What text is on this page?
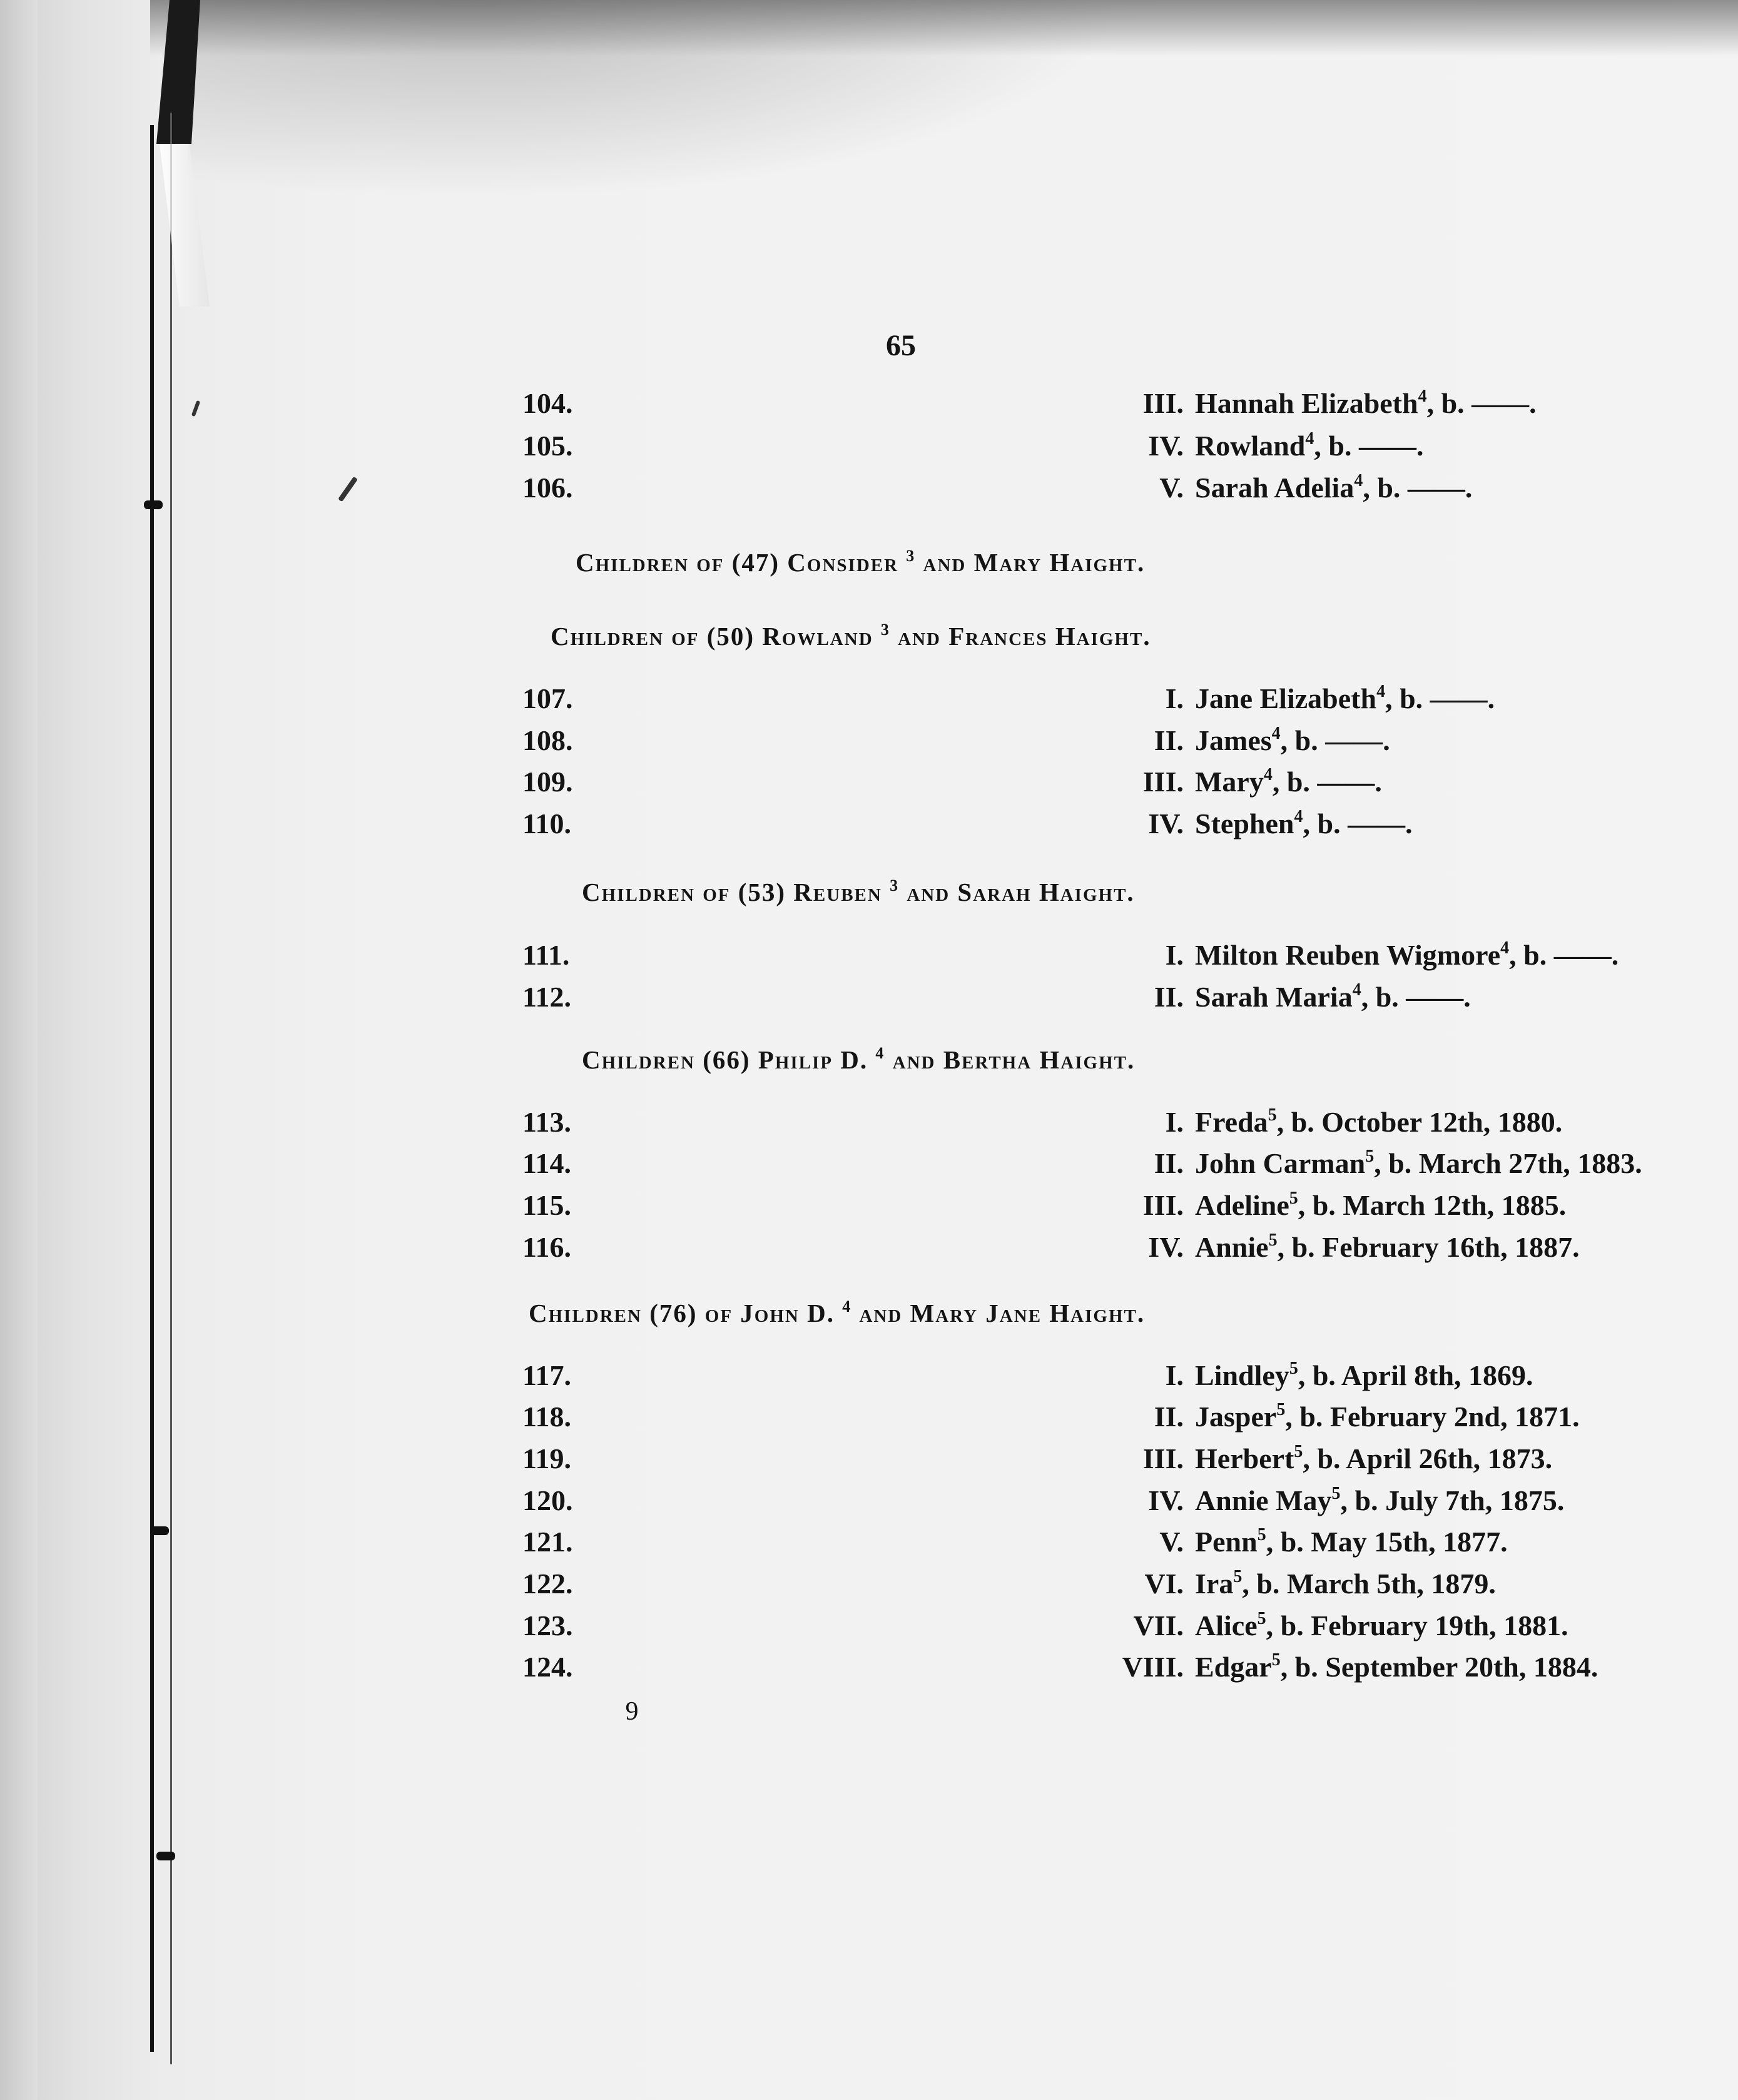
65
104.	III. Hannah Elizabeth$^4$, b. ——.
105.	IV. Rowland$^4$, b. ——.
106.	V. Sarah Adelia$^4$, b. ——.
Children of (47) Consider $^3$ and Mary Haight.
Children of (50) Rowland $^3$ and Frances Haight.
107.	I. Jane Elizabeth$^4$, b. ——.
108.	II. James$^4$, b. ——.
109.	III. Mary$^4$, b. ——.
110.	IV. Stephen$^4$, b. ——.
Children of (53) Reuben $^3$ and Sarah Haight.
111.	I. Milton Reuben Wigmore$^4$, b. ——.
112.	II. Sarah Maria$^4$, b. ——.
Children (66) Philip D. $^4$ and Bertha Haight.
113.	I. Freda$^5$, b. October 12th, 1880.
114.	II. John Carman$^5$, b. March 27th, 1883.
115.	III. Adeline$^5$, b. March 12th, 1885.
116.	IV. Annie$^5$, b. February 16th, 1887.
Children (76) of John D. $^4$ and Mary Jane Haight.
117.	I. Lindley$^5$, b. April 8th, 1869.
118.	II. Jasper$^5$, b. February 2nd, 1871.
119.	III. Herbert$^5$, b. April 26th, 1873.
120.	IV. Annie May$^5$, b. July 7th, 1875.
121.	V. Penn$^5$, b. May 15th, 1877.
122.	VI. Ira$^5$, b. March 5th, 1879.
123.	VII. Alice$^5$, b. February 19th, 1881.
124.	VIII. Edgar$^5$, b. September 20th, 1884.
9
